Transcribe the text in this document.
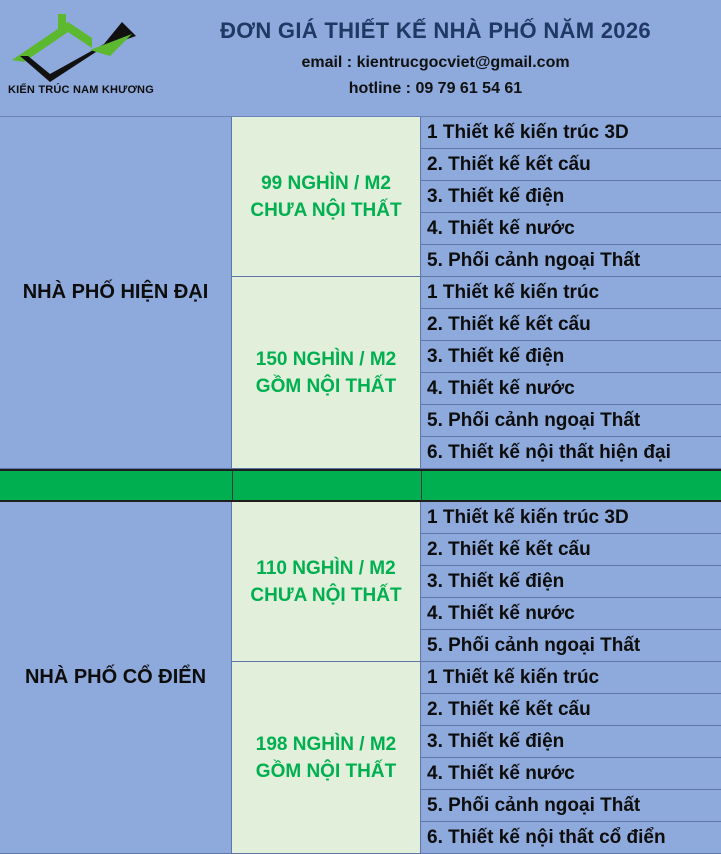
KIẾN TRÚC NAM KHƯƠNG
ĐƠN GIÁ THIẾT KẾ NHÀ PHỐ NĂM 2026
email : kientrucgocviet@gmail.com
hotline : 09 79 61 54 61
NHÀ PHỐ HIỆN ĐẠI
99 NGHÌN / M2
CHƯA NỘI THẤT
1 Thiết kế kiến trúc 3D
2. Thiết kế kết cấu
3. Thiết kế điện
4. Thiết kế nước
5. Phối cảnh ngoại Thất
150 NGHÌN / M2
GỒM NỘI THẤT
1 Thiết kế kiến trúc
2. Thiết kế kết cấu
3. Thiết kế điện
4. Thiết kế nước
5. Phối cảnh ngoại Thất
6. Thiết kế nội thất hiện đại
NHÀ PHỐ CỔ ĐIỂN
110 NGHÌN / M2
CHƯA NỘI THẤT
1 Thiết kế kiến trúc 3D
2. Thiết kế kết cấu
3. Thiết kế điện
4. Thiết kế nước
5. Phối cảnh ngoại Thất
198 NGHÌN / M2
GỒM NỘI THẤT
1 Thiết kế kiến trúc
2. Thiết kế kết cấu
3. Thiết kế điện
4. Thiết kế nước
5. Phối cảnh ngoại Thất
6. Thiết kế nội thất cổ điển
